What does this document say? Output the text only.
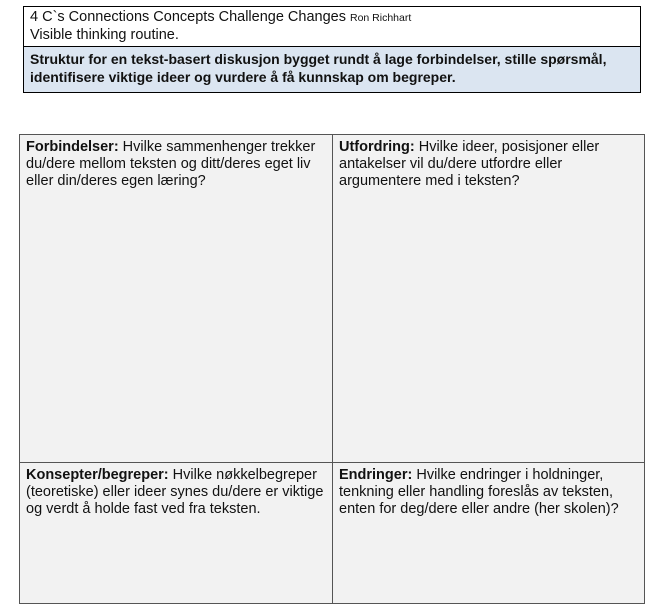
4 C`s Connections Concepts Challenge Changes Ron Richhart
Visible thinking routine.
Struktur for en tekst-basert diskusjon bygget rundt å lage forbindelser, stille spørsmål, identifisere viktige ideer og vurdere å få kunnskap om begreper.
Forbindelser: Hvilke sammenhenger trekker du/dere mellom teksten og ditt/deres eget liv eller din/deres egen læring?
Utfordring: Hvilke ideer, posisjoner eller antakelser vil du/dere utfordre eller argumentere med i teksten?
Konsepter/begreper: Hvilke nøkkelbegreper (teoretiske) eller ideer synes du/dere er viktige og verdt å holde fast ved fra teksten.
Endringer: Hvilke endringer i holdninger, tenkning eller handling foreslås av teksten, enten for deg/dere eller andre (her skolen)?
